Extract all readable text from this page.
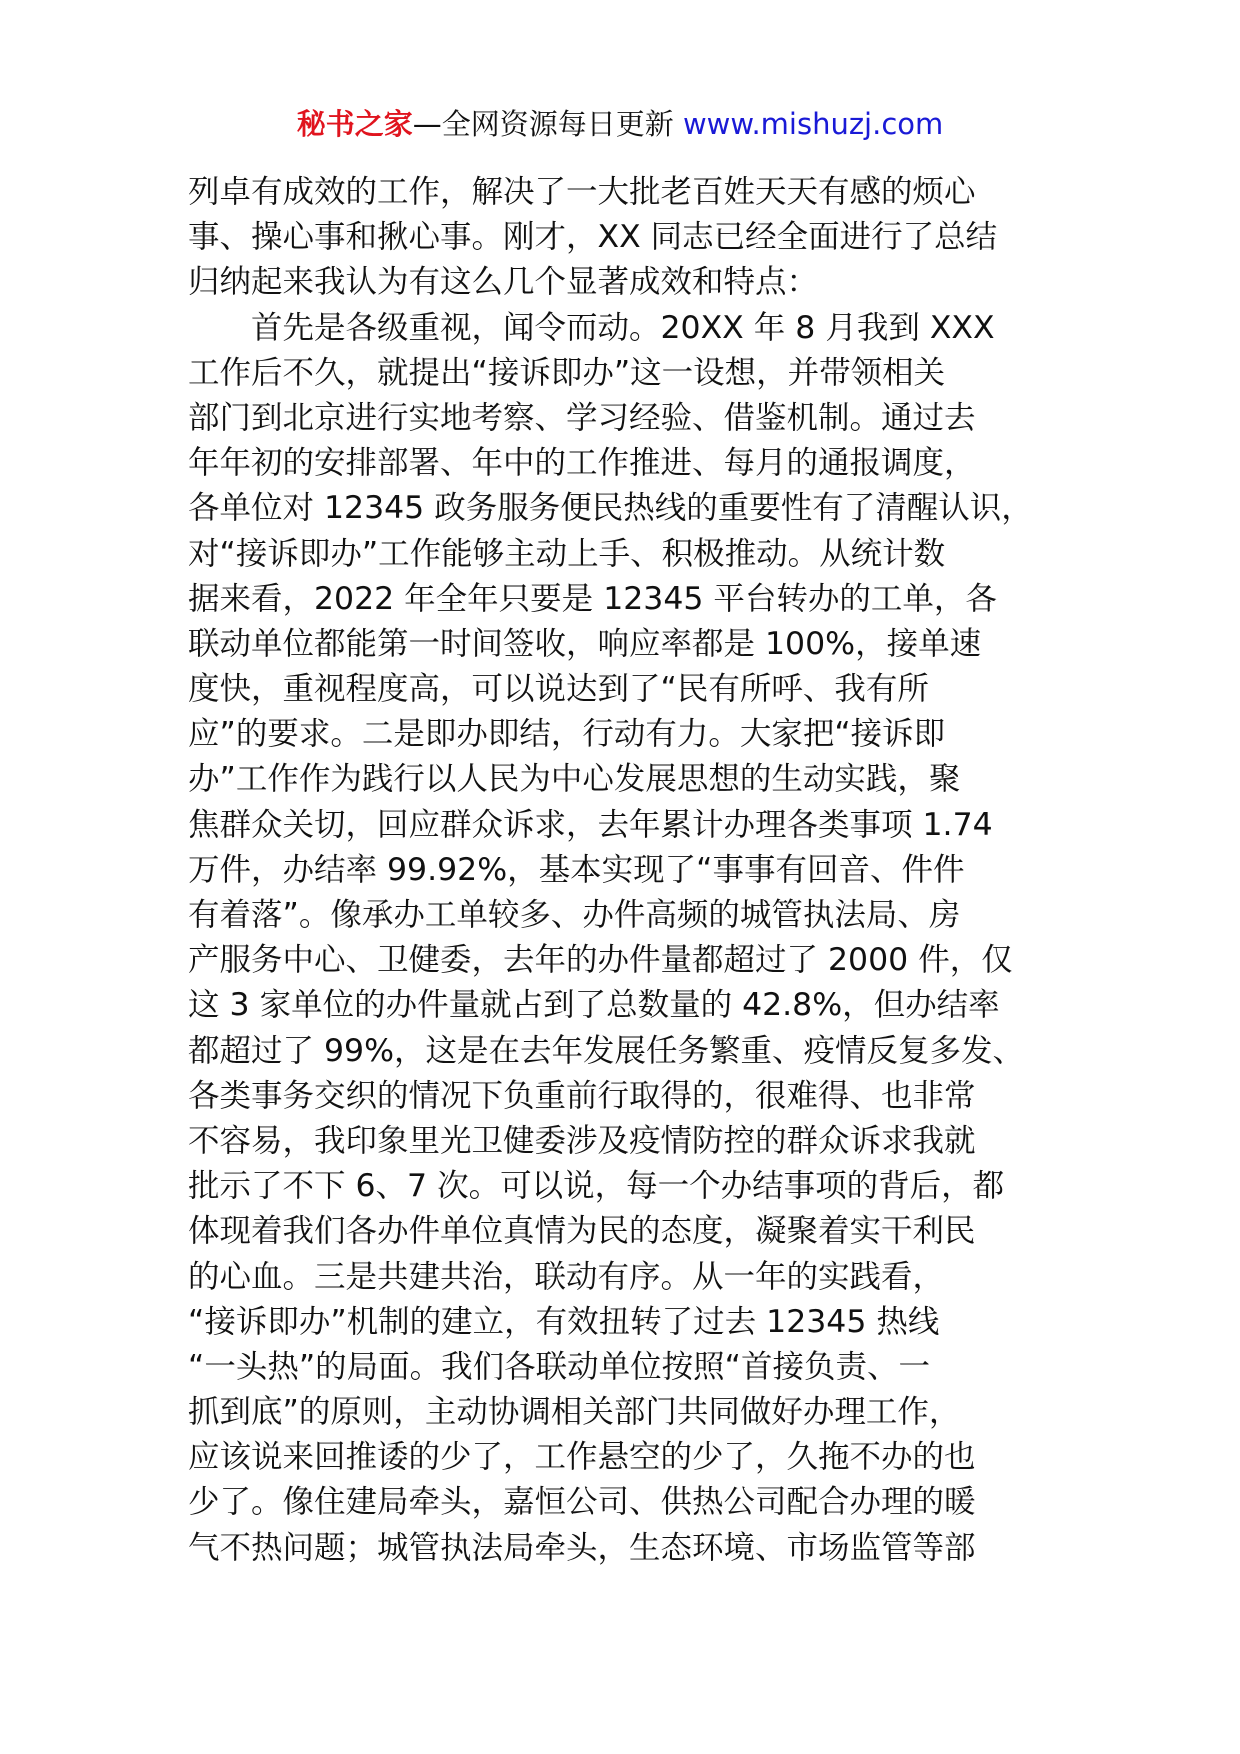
秘书之家—全网资源每日更新 www.mishuzj.com
列卓有成效的工作，解决了一大批老百姓天天有感的烦心
事、操心事和揪心事。刚才，XX 同志已经全面进行了总结
归纳起来我认为有这么几个显著成效和特点：
　　首先是各级重视，闻令而动。20XX 年 8 月我到 XXX
工作后不久，就提出“接诉即办”这一设想，并带领相关
部门到北京进行实地考察、学习经验、借鉴机制。通过去
年年初的安排部署、年中的工作推进、每月的通报调度，
各单位对 12345 政务服务便民热线的重要性有了清醒认识，
对“接诉即办”工作能够主动上手、积极推动。从统计数
据来看，2022 年全年只要是 12345 平台转办的工单，各
联动单位都能第一时间签收，响应率都是 100%，接单速
度快，重视程度高，可以说达到了“民有所呼、我有所
应”的要求。二是即办即结，行动有力。大家把“接诉即
办”工作作为践行以人民为中心发展思想的生动实践，聚
焦群众关切，回应群众诉求，去年累计办理各类事项 1.74
万件，办结率 99.92%，基本实现了“事事有回音、件件
有着落”。像承办工单较多、办件高频的城管执法局、房
产服务中心、卫健委，去年的办件量都超过了 2000 件，仅
这 3 家单位的办件量就占到了总数量的 42.8%，但办结率
都超过了 99%，这是在去年发展任务繁重、疫情反复多发、
各类事务交织的情况下负重前行取得的，很难得、也非常
不容易，我印象里光卫健委涉及疫情防控的群众诉求我就
批示了不下 6、7 次。可以说，每一个办结事项的背后，都
体现着我们各办件单位真情为民的态度，凝聚着实干利民
的心血。三是共建共治，联动有序。从一年的实践看，
“接诉即办”机制的建立，有效扭转了过去 12345 热线
“一头热”的局面。我们各联动单位按照“首接负责、一
抓到底”的原则，主动协调相关部门共同做好办理工作，
应该说来回推诿的少了，工作悬空的少了，久拖不办的也
少了。像住建局牵头，嘉恒公司、供热公司配合办理的暖
气不热问题；城管执法局牵头，生态环境、市场监管等部
